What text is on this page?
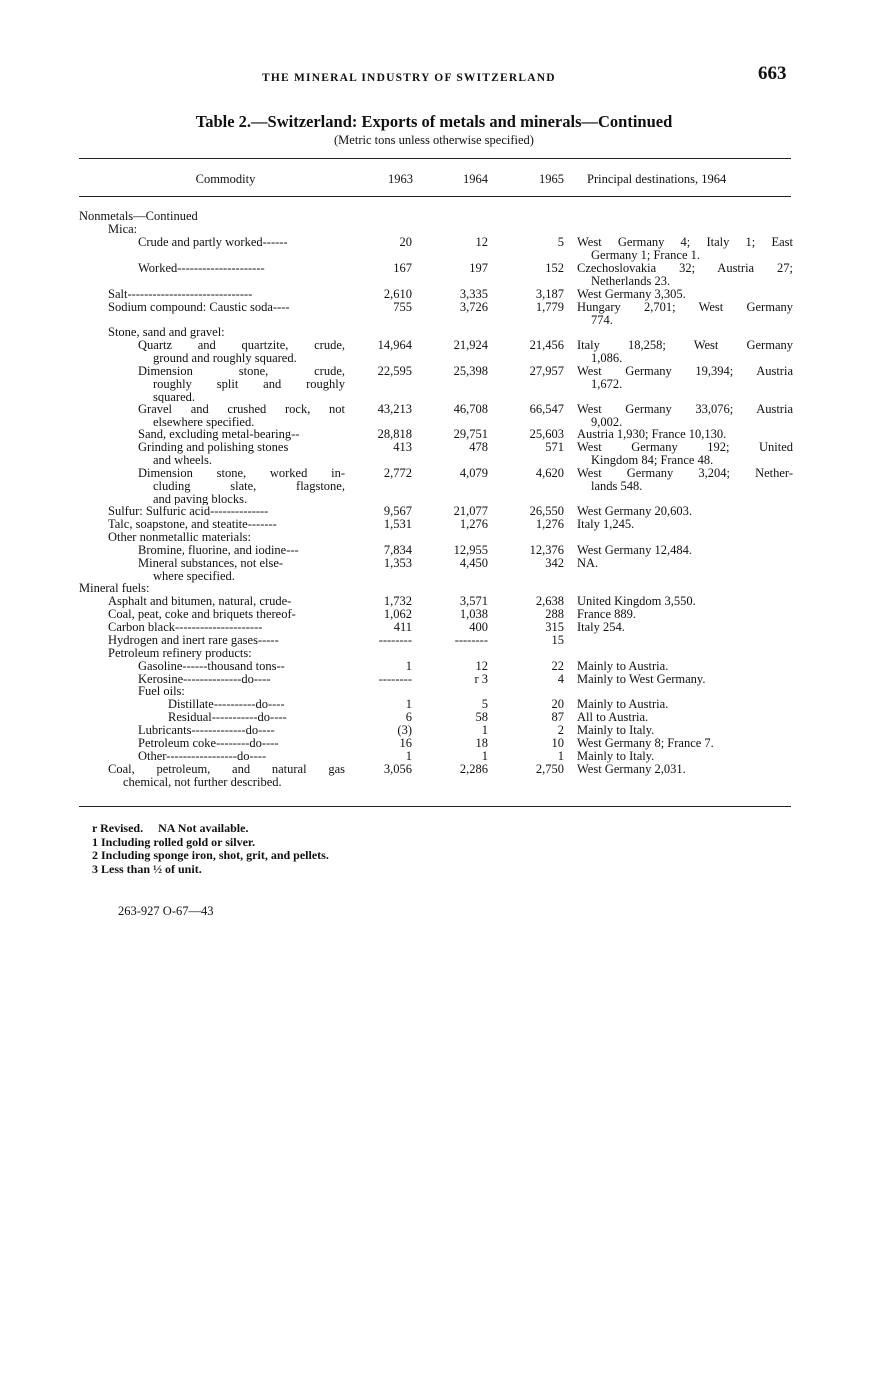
THE MINERAL INDUSTRY OF SWITZERLAND	663
Table 2.—Switzerland: Exports of metals and minerals—Continued
(Metric tons unless otherwise specified)
Commodity	1963	1964	1965 Principal destinations, 1964
Nonmetals—Continued
Mica:
Crude and partly worked------	20	12	5 West Germany 4; Italy 1; East
Germany 1; France 1.
Worked---------------------	167	197	152 Czechoslovakia 32; Austria 27;
Netherlands 23.
Salt------------------------------	2,610	3,335	3,187 West Germany 3,305.
Sodium compound: Caustic soda----	755	3,726	1,779 Hungary 2,701; West Germany
774.
Stone, sand and gravel:
Quartz and quartzite, crude,
ground and roughly squared.
14,964	21,924	21,456 Italy 18,258; West Germany
1,086.
Dimension stone, crude,
roughly split and roughly
squared.
22,595	25,398	27,957 West Germany 19,394; Austria
1,672.
Gravel and crushed rock, not
elsewhere specified.
43,213	46,708	66,547 West Germany 33,076; Austria
9,002.
Sand, excluding metal-bearing--	28,818	29,751	25,603 Austria 1,930; France 10,130.
Grinding and polishing stones
and wheels.
413	478	571 West Germany 192; United
Kingdom 84; France 48.
Dimension stone, worked in-
cluding slate, flagstone,
and paving blocks.
2,772	4,079	4,620 West Germany 3,204; Nether-
lands 548.
Sulfur: Sulfuric acid--------------	9,567	21,077	26,550 West Germany 20,603.
Talc, soapstone, and steatite-------	1,531	1,276	1,276 Italy 1,245.
Other nonmetallic materials:
Bromine, fluorine, and iodine---	7,834	12,955	12,376 West Germany 12,484.
Mineral substances, not else-
where specified.
1,353	4,450	342 NA.
Mineral fuels:
Asphalt and bitumen, natural, crude-	1,732	3,571	2,638 United Kingdom 3,550.
Coal, peat, coke and briquets thereof-	1,062	1,038	288 France 889.
Carbon black---------------------	411	400	315 Italy 254.
Hydrogen and inert rare gases-----	--------	--------	15
Petroleum refinery products:
Gasoline------thousand tons--	1	12	22 Mainly to Austria.
Kerosine--------------do----	--------	r 3	4 Mainly to West Germany.
Fuel oils:
Distillate----------do----	1	5	20 Mainly to Austria.
Residual-----------do----	6	58	87 All to Austria.
Lubricants-------------do----	(3)	1	2 Mainly to Italy.
Petroleum coke--------do----	16	18	10 West Germany 8; France 7.
Other-----------------do----	1	1	1 Mainly to Italy.
Coal, petroleum, and natural gas
chemical, not further described.
3,056	2,286	2,750 West Germany 2,031.
r Revised. NA Not available.
1 Including rolled gold or silver.
2 Including sponge iron, shot, grit, and pellets.
3 Less than ½ of unit.
263-927 O-67—43
